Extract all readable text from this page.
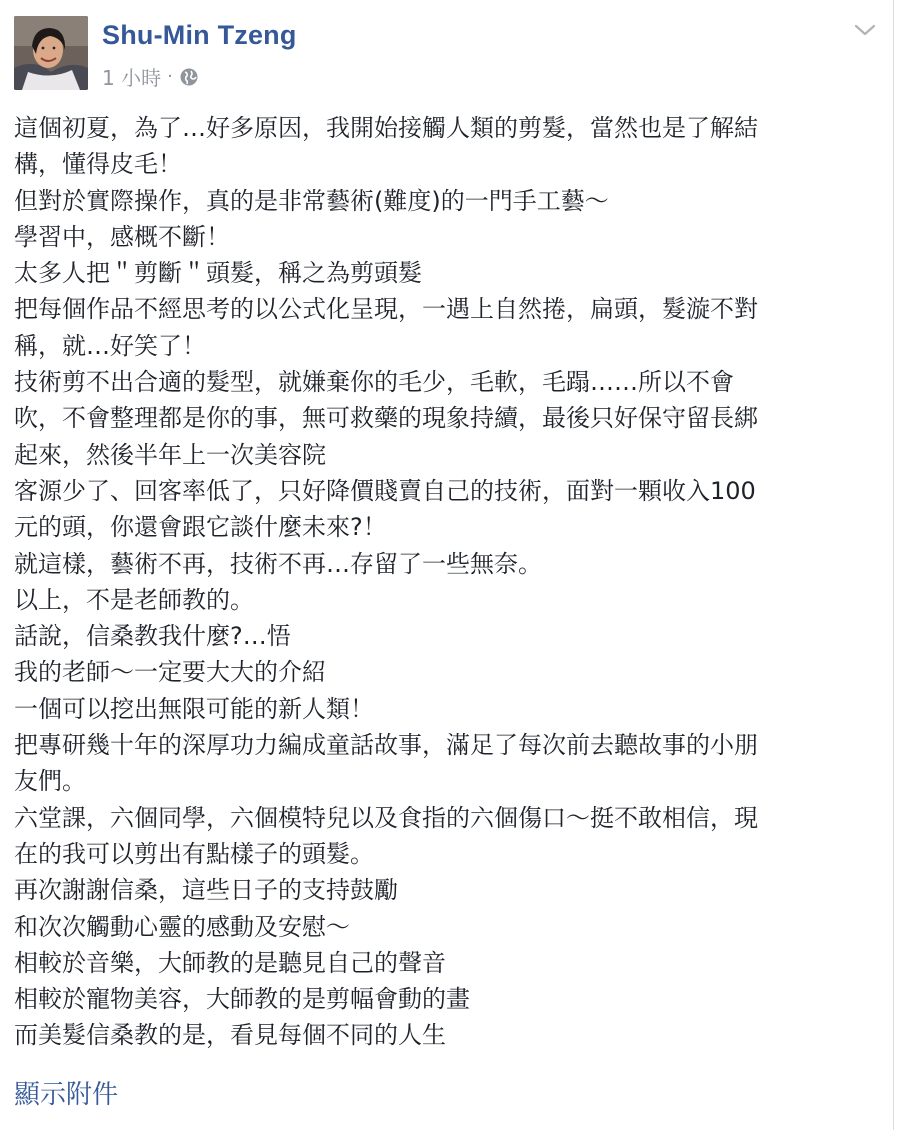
Shu-Min Tzeng
1 小時 ·
這個初夏，為了…好多原因，我開始接觸人類的剪髮，當然也是了解結
構，懂得皮毛！
但對於實際操作，真的是非常藝術(難度)的一門手工藝～
學習中，感概不斷！
太多人把＂剪斷＂頭髮，稱之為剪頭髮
把每個作品不經思考的以公式化呈現，一遇上自然捲，扁頭，髮漩不對
稱，就…好笑了！
技術剪不出合適的髮型，就嫌棄你的毛少，毛軟，毛蹋……所以不會
吹，不會整理都是你的事，無可救藥的現象持續，最後只好保守留長綁
起來，然後半年上一次美容院
客源少了、回客率低了，只好降價賤賣自己的技術，面對一顆收入100
元的頭，你還會跟它談什麼未來?！
就這樣，藝術不再，技術不再…存留了一些無奈。
以上，不是老師教的。
話說，信桑教我什麼?…悟
我的老師～一定要大大的介紹
一個可以挖出無限可能的新人類！
把專研幾十年的深厚功力編成童話故事，滿足了每次前去聽故事的小朋
友們。
六堂課，六個同學，六個模特兒以及食指的六個傷口～挺不敢相信，現
在的我可以剪出有點樣子的頭髮。
再次謝謝信桑，這些日子的支持鼓勵
和次次觸動心靈的感動及安慰～
相較於音樂，大師教的是聽見自己的聲音
相較於寵物美容，大師教的是剪幅會動的畫
而美髮信桑教的是，看見每個不同的人生
顯示附件
